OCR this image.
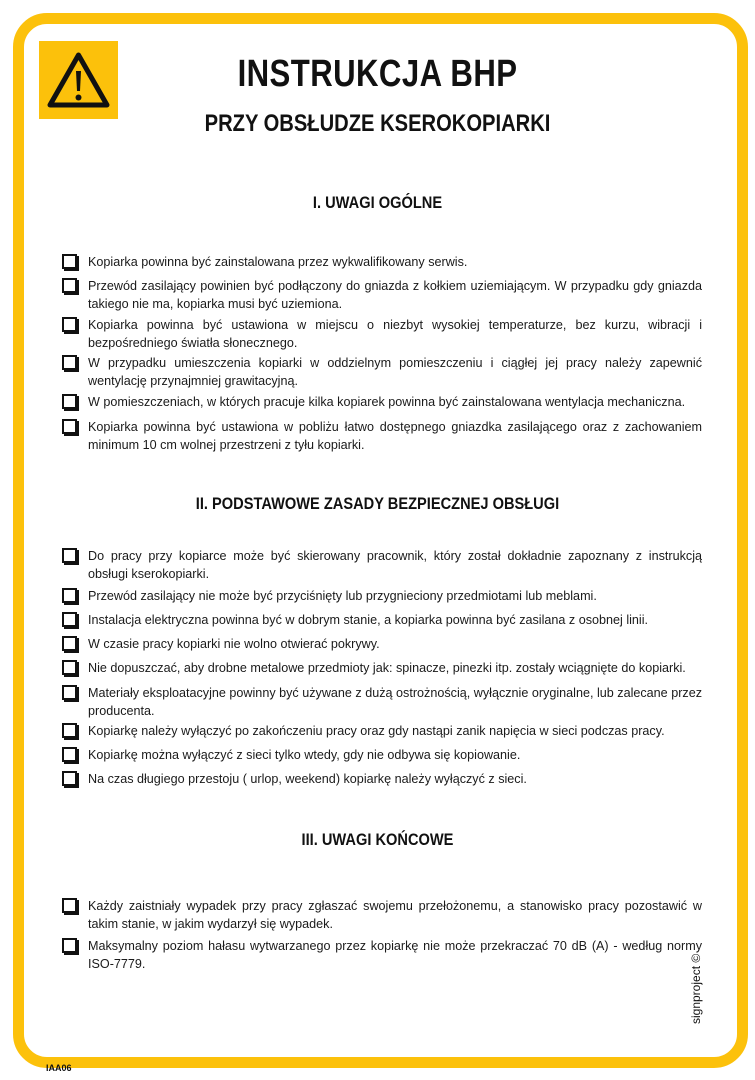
INSTRUKCJA BHP
PRZY OBSŁUDZE KSEROKOPIARKI
I. UWAGI OGÓLNE
Kopiarka powinna być zainstalowana przez wykwalifikowany serwis.
Przewód zasilający powinien być podłączony do gniazda z kołkiem uziemiającym. W przypadku gdy gniazda takiego nie ma, kopiarka musi być uziemiona.
Kopiarka powinna być ustawiona w miejscu o niezbyt wysokiej temperaturze, bez kurzu, wibracji i bezpośredniego światła słonecznego.
W przypadku umieszczenia kopiarki w oddzielnym pomieszczeniu i ciągłej jej pracy należy zapewnić wentylację przynajmniej grawitacyjną.
W pomieszczeniach, w których pracuje kilka kopiarek powinna być zainstalowana wentylacja mechaniczna.
Kopiarka powinna być ustawiona w pobliżu łatwo dostępnego gniazdka zasilającego oraz z zachowaniem minimum 10 cm wolnej przestrzeni z tyłu kopiarki.
II. PODSTAWOWE ZASADY BEZPIECZNEJ OBSŁUGI
Do pracy przy kopiarce może być skierowany pracownik, który został dokładnie zapoznany z instrukcją obsługi kserokopiarki.
Przewód zasilający nie może być przyciśnięty lub przygnieciony przedmiotami lub meblami.
Instalacja elektryczna powinna być w dobrym stanie, a kopiarka powinna być zasilana z osobnej linii.
W czasie pracy kopiarki nie wolno otwierać pokrywy.
Nie dopuszczać, aby drobne metalowe przedmioty jak: spinacze, pinezki itp. zostały wciągnięte do kopiarki.
Materiały eksploatacyjne powinny być używane z dużą ostrożnością, wyłącznie oryginalne, lub zalecane przez producenta.
Kopiarkę należy wyłączyć po zakończeniu pracy oraz gdy nastąpi zanik napięcia w sieci podczas pracy.
Kopiarkę można wyłączyć z sieci tylko wtedy, gdy nie odbywa się kopiowanie.
Na czas długiego przestoju ( urlop, weekend) kopiarkę należy wyłączyć z sieci.
III. UWAGI KOŃCOWE
Każdy zaistniały wypadek przy pracy zgłaszać swojemu przełożonemu, a stanowisko pracy pozostawić w takim stanie, w jakim wydarzył się wypadek.
Maksymalny poziom hałasu wytwarzanego przez kopiarkę nie może przekraczać 70 dB (A) - według normy ISO-7779.	signproject ©
IAA06
